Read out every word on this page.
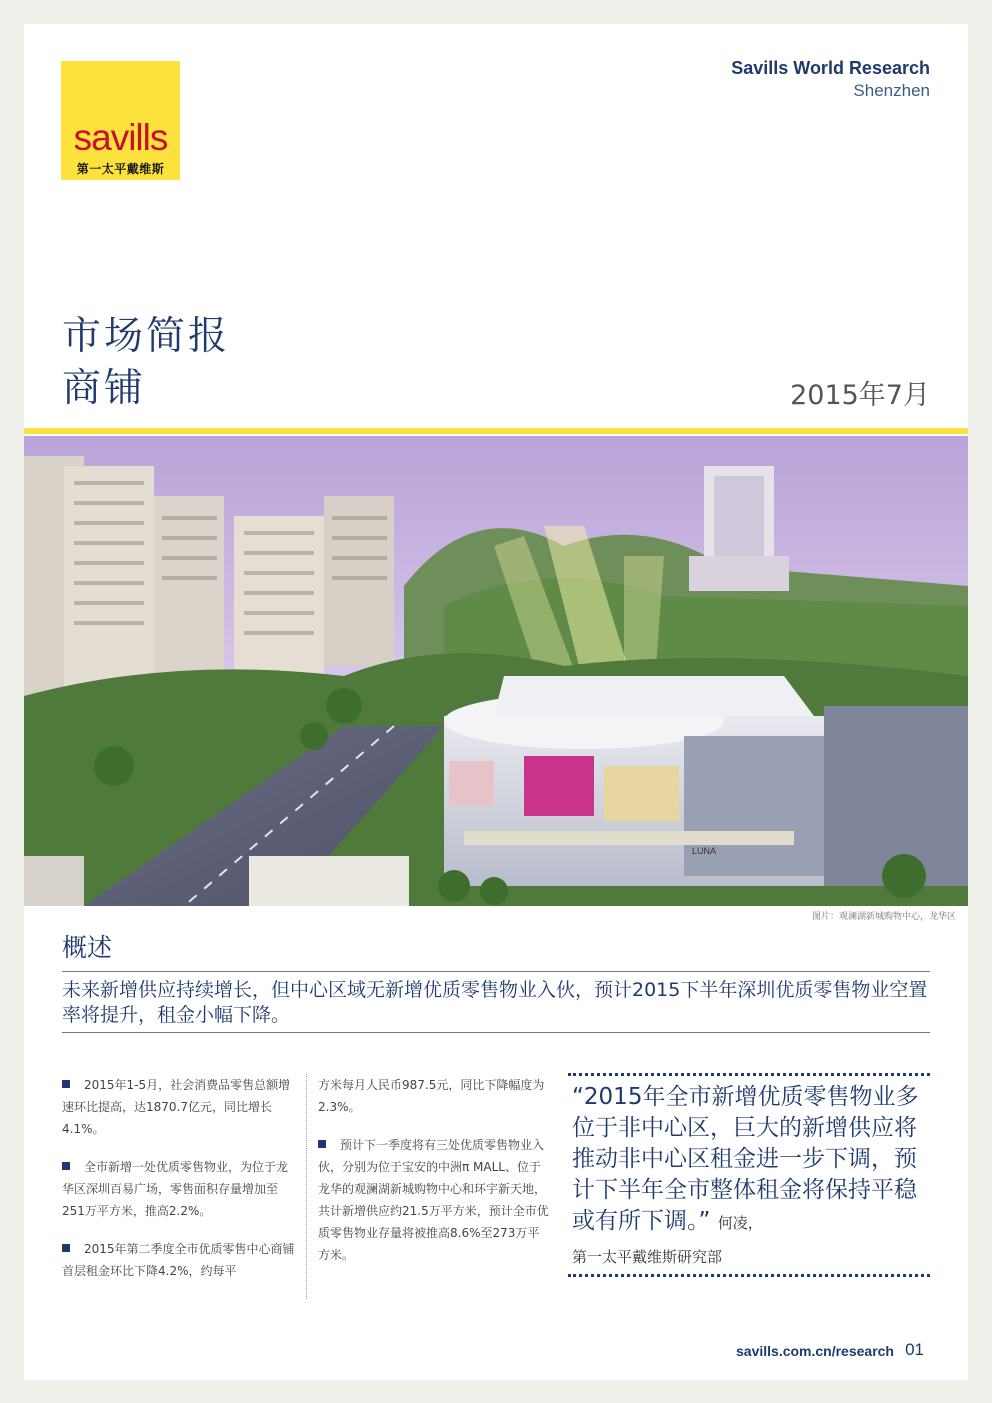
savills
第一太平戴维斯
Savills World Research
Shenzhen
市场简报
商铺	2015年7月
LUNA
图片：观澜湖新城购物中心，龙华区
概述
未来新增供应持续增长，但中心区域无新增优质零售物业入伙，预计2015下半年深圳优质零售物业空置率将提升，租金小幅下降。
2015年1-5月，社会消费品零售总额增速环比提高，达1870.7亿元，同比增长4.1%。
全市新增一处优质零售物业，为位于龙华区深圳百易广场，零售面积存量增加至251万平方米，推高2.2%。
2015年第二季度全市优质零售中心商铺首层租金环比下降4.2%，约每平
方米每月人民币987.5元，同比下降幅度为2.3%。
预计下一季度将有三处优质零售物业入伙，分别为位于宝安的中洲π MALL、位于龙华的观澜湖新城购物中心和环宇新天地，共计新增供应约21.5万平方米，预计全市优质零售物业存量将被推高8.6%至273万平方米。
“2015年全市新增优质零售物业多位于非中心区，巨大的新增供应将推动非中心区租金进一步下调，预计下半年全市整体租金将保持平稳或有所下调。” 何凌，
第一太平戴维斯研究部
savills.com.cn/research 01
